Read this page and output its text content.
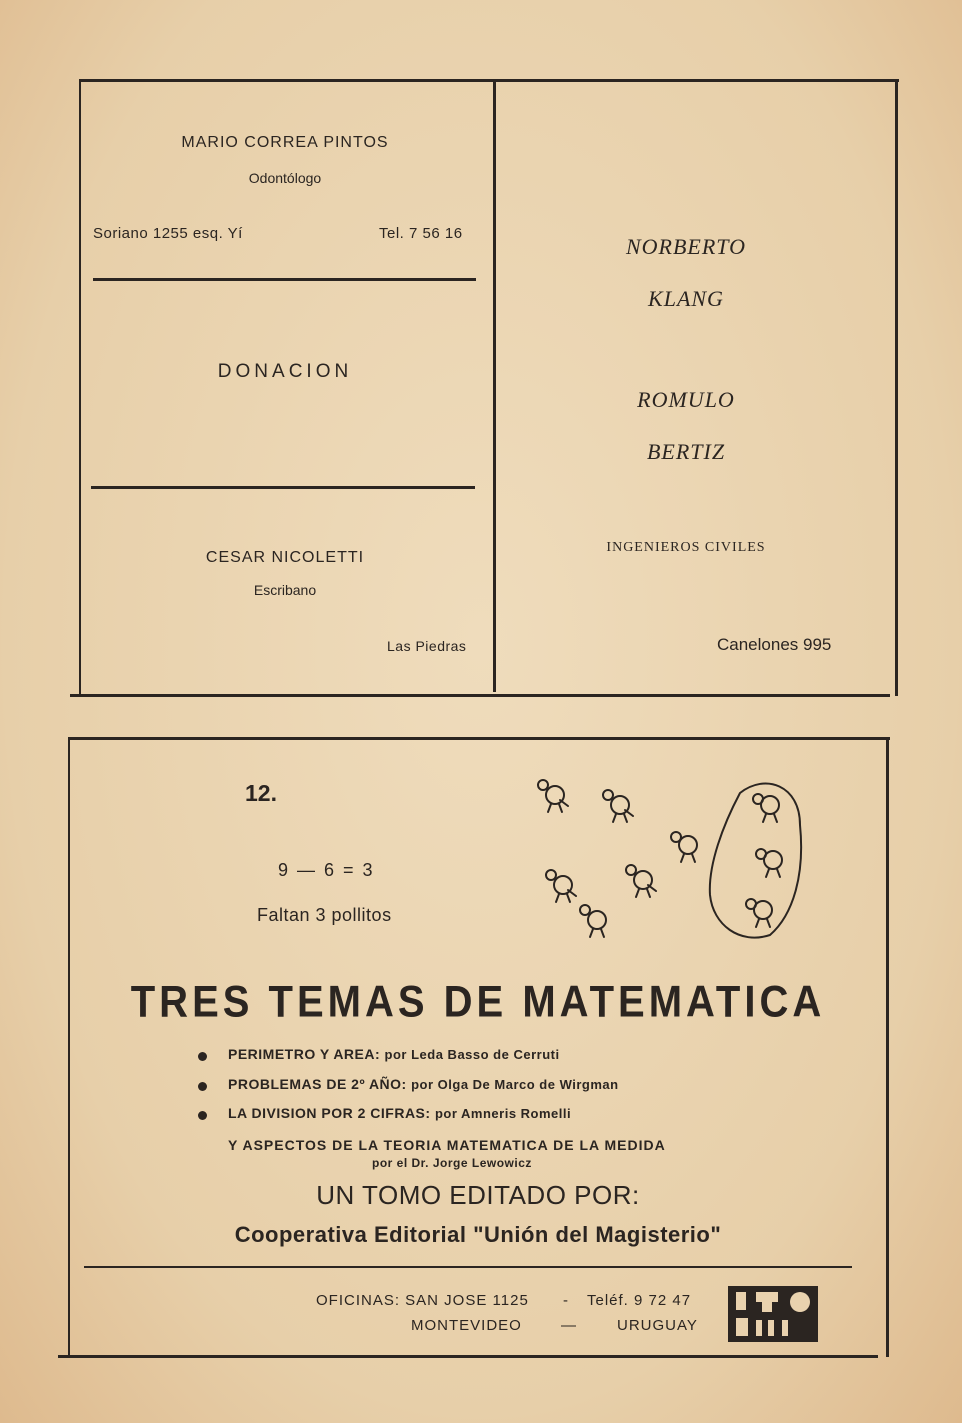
MARIO CORREA PINTOS
Odontólogo
Soriano 1255 esq. Yí	Tel. 7 56 16
DONACION
CESAR NICOLETTI
Escribano
Las Piedras
NORBERTO
KLANG
ROMULO
BERTIZ
INGENIEROS CIVILES
Canelones 995
12.
9 — 6 = 3
Faltan 3 pollitos
TRES TEMAS DE MATEMATICA
PERIMETRO Y AREA: por Leda Basso de Cerruti
PROBLEMAS DE 2º AÑO: por Olga De Marco de Wirgman
LA DIVISION POR 2 CIFRAS: por Amneris Romelli
Y ASPECTOS DE LA TEORIA MATEMATICA DE LA MEDIDA
por el Dr. Jorge Lewowicz
UN TOMO EDITADO POR:
Cooperativa Editorial "Unión del Magisterio"
OFICINAS: SAN JOSE 1125 - Teléf. 9 72 47
MONTEVIDEO	—	URUGUAY
